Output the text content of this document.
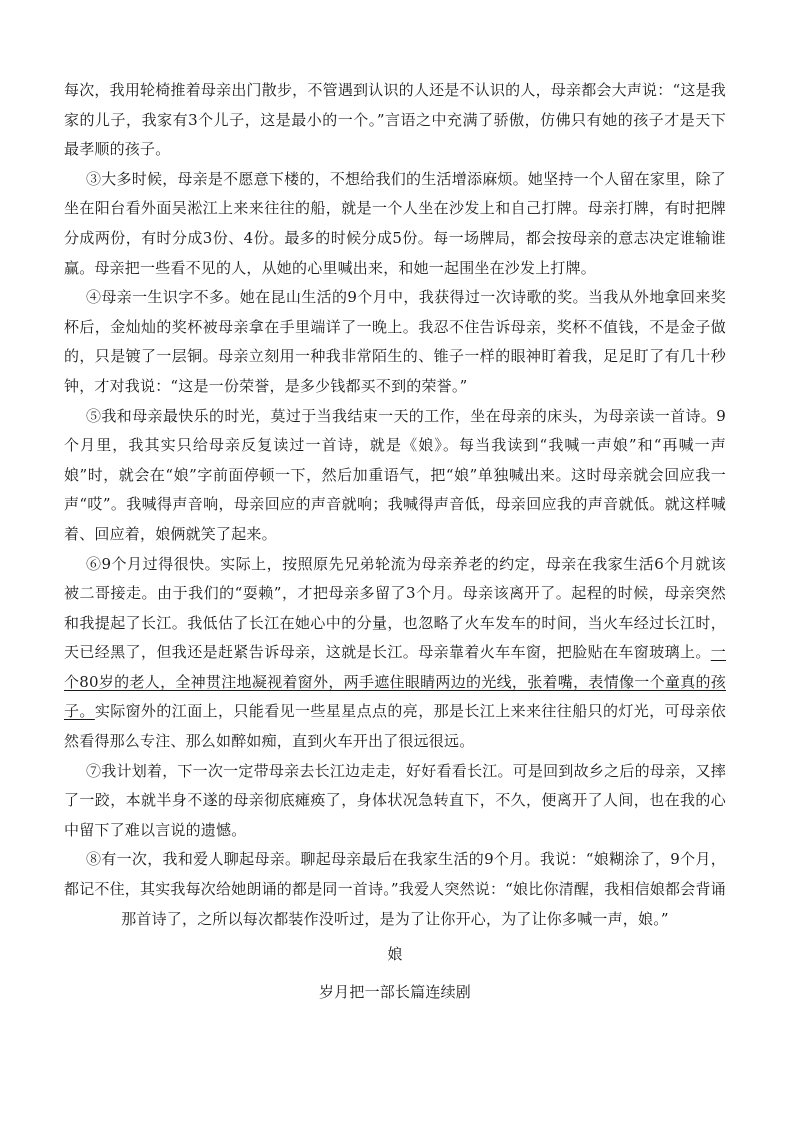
每次，我用轮椅推着母亲出门散步，不管遇到认识的人还是不认识的人，母亲都会大声说：“这是我家的儿子，我家有3个儿子，这是最小的一个。”言语之中充满了骄傲，仿佛只有她的孩子才是天下最孝顺的孩子。

③大多时候，母亲是不愿意下楼的，不想给我们的生活增添麻烦。她坚持一个人留在家里，除了坐在阳台看外面吴淞江上来来往往的船，就是一个人坐在沙发上和自己打牌。母亲打牌，有时把牌分成两份，有时分成3份、4份。最多的时候分成5份。每一场牌局，都会按母亲的意志决定谁输谁赢。母亲把一些看不见的人，从她的心里喊出来，和她一起围坐在沙发上打牌。

④母亲一生识字不多。她在昆山生活的9个月中，我获得过一次诗歌的奖。当我从外地拿回来奖杯后，金灿灿的奖杯被母亲拿在手里端详了一晚上。我忍不住告诉母亲，奖杯不值钱，不是金子做的，只是镀了一层铜。母亲立刻用一种我非常陌生的、锥子一样的眼神盯着我，足足盯了有几十秒钟，才对我说：“这是一份荣誉，是多少钱都买不到的荣誉。”

⑤我和母亲最快乐的时光，莫过于当我结束一天的工作，坐在母亲的床头，为母亲读一首诗。9个月里，我其实只给母亲反复读过一首诗，就是《娘》。每当我读到“我喊一声娘”和“再喊一声娘”时，就会在“娘”字前面停顿一下，然后加重语气，把“娘”单独喊出来。这时母亲就会回应我一声“哎”。我喊得声音响，母亲回应的声音就响；我喊得声音低，母亲回应我的声音就低。就这样喊着、回应着，娘俩就笑了起来。

⑥9个月过得很快。实际上，按照原先兄弟轮流为母亲养老的约定，母亲在我家生活6个月就该被二哥接走。由于我们的“耍赖”，才把母亲多留了3个月。母亲该离开了。起程的时候，母亲突然和我提起了长江。我低估了长江在她心中的分量，也忽略了火车发车的时间，当火车经过长江时，天已经黑了，但我还是赶紧告诉母亲，这就是长江。母亲靠着火车车窗，把脸贴在车窗玻璃上。一个80岁的老人，全神贯注地凝视着窗外，两手遮住眼睛两边的光线，张着嘴，表情像一个童真的孩子。实际窗外的江面上，只能看见一些星星点点的亮，那是长江上来来往往船只的灯光，可母亲依然看得那么专注、那么如醉如痴，直到火车开出了很远很远。

⑦我计划着，下一次一定带母亲去长江边走走，好好看看长江。可是回到故乡之后的母亲，又摔了一跤，本就半身不遂的母亲彻底瘫痪了，身体状况急转直下，不久，便离开了人间，也在我的心中留下了难以言说的遗憾。

⑧有一次，我和爱人聊起母亲。聊起母亲最后在我家生活的9个月。我说：“娘糊涂了，9个月，都记不住，其实我每次给她朗诵的都是同一首诗。”我爱人突然说：“娘比你清醒，我相信娘都会背诵

那首诗了，之所以每次都装作没听过，是为了让你开心，为了让你多喊一声，娘。”

娘

岁月把一部长篇连续剧
